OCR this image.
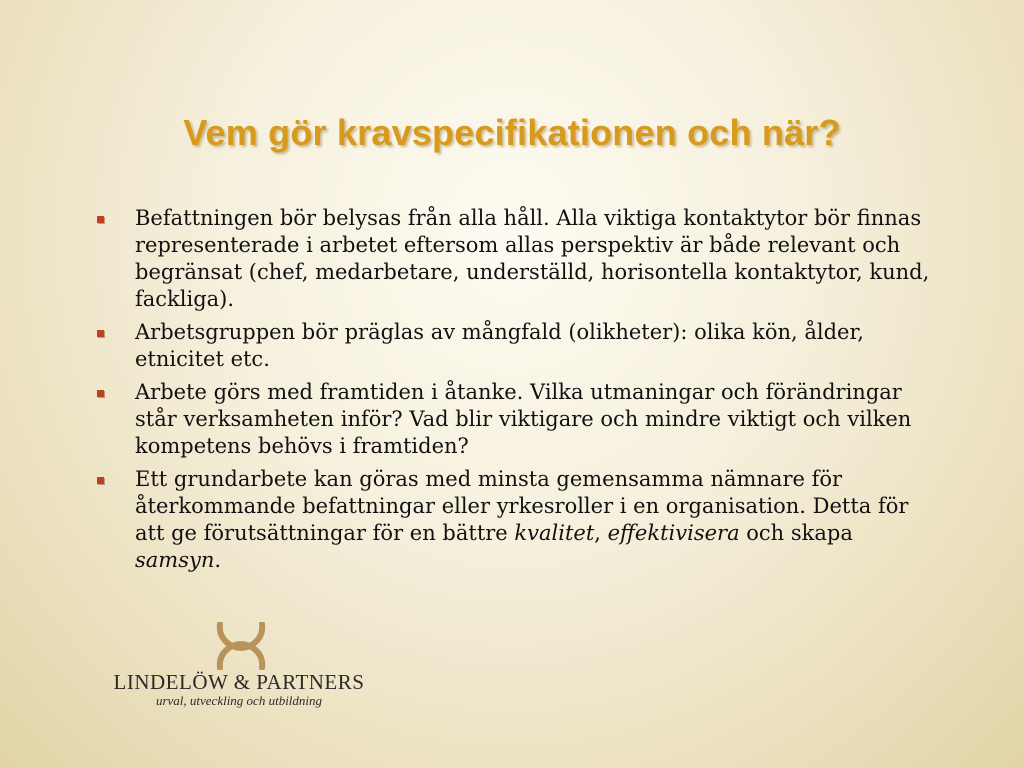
Vem gör kravspecifikationen och när?
Befattningen bör belysas från alla håll. Alla viktiga kontaktytor bör finnas representerade i arbetet eftersom allas perspektiv är både relevant och begränsat (chef, medarbetare, underställd, horisontella kontaktytor, kund, fackliga).
Arbetsgruppen bör präglas av mångfald (olikheter): olika kön, ålder, etnicitet etc.
Arbete görs med framtiden i åtanke. Vilka utmaningar och förändringar står verksamheten inför? Vad blir viktigare och mindre viktigt och vilken kompetens behövs i framtiden?
Ett grundarbete kan göras med minsta gemensamma nämnare för återkommande befattningar eller yrkesroller i en organisation. Detta för att ge förutsättningar för en bättre kvalitet, effektivisera och skapa samsyn.
LINDELÖW & PARTNERS
urval, utveckling och utbildning
